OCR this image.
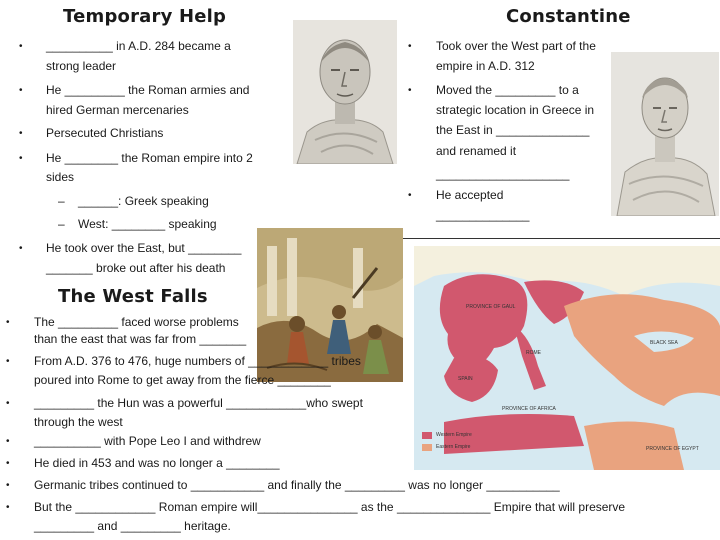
Temporary Help	Constantine
The West Falls
• __________ in A.D. 284 became a
strong leader
• He _________ the Roman armies and
hired German mercenaries
• Persecuted Christians
• He ________ the Roman empire into 2
sides
– ______: Greek speaking
– West: ________ speaking
• He took over the East, but ________
_______ broke out after his death
• Took over the West part of the
empire in A.D. 312
• Moved the _________ to a
strategic location in Greece in
the East in ______________
and renamed it
____________________
• He accepted
______________
PROVINCE OF GAUL
SPAIN
ROME
PROVINCE OF AFRICA
PROVINCE OF EGYPT
BLACK SEA
Western Empire
Eastern Empire
• The _________ faced worse problems
than the east that was far from _______
• From A.D. 376 to 476, huge numbers of ____________ tribes
poured into Rome to get away from the fierce ________
• _________ the Hun was a powerful ____________who swept
through the west
• __________ with Pope Leo I and withdrew
• He died in 453 and was no longer a ________
• Germanic tribes continued to ___________ and finally the _________ was no longer ___________
• But the ____________ Roman empire will_______________ as the ______________ Empire that will preserve
_________ and _________ heritage.
